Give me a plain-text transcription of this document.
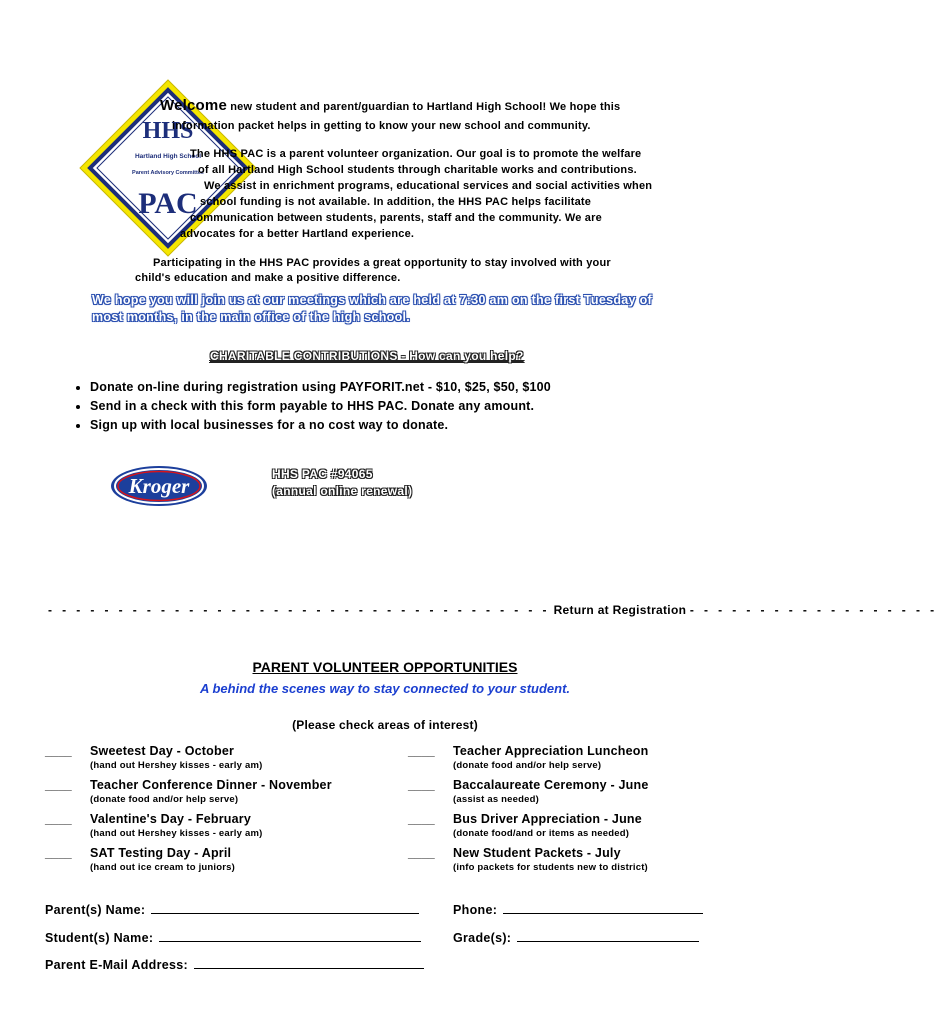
HHS
Hartland High School
Parent Advisory Committee
PAC
Welcome new student and parent/guardian to Hartland High School! We hope this
information packet helps in getting to know your new school and community.
The HHS PAC is a parent volunteer organization. Our goal is to promote the welfare
of all Hartland High School students through charitable works and contributions.
We assist in enrichment programs, educational services and social activities when
school funding is not available. In addition, the HHS PAC helps facilitate
communication between students, parents, staff and the community. We are
advocates for a better Hartland experience.
Participating in the HHS PAC provides a great opportunity to stay involved with your
child's education and make a positive difference.
We hope you will join us at our meetings which are held at 7:30 am on the first Tuesday of
most months, in the main office of the high school.
CHARITABLE CONTRIBUTIONS - How can you help?
• Donate on-line during registration using PAYFORIT.net - $10, $25, $50, $100
• Send in a check with this form payable to HHS PAC. Donate any amount.
• Sign up with local businesses for a no cost way to donate.
Kroger	HHS PAC #94065
(annual online renewal)
- - - - - - - - - - - - - - - - - - - - - - - - - - - - - - - - - - - - Return at Registration - - - - - - - - - - - - - - - - - -
PARENT VOLUNTEER OPPORTUNITIES
A behind the scenes way to stay connected to your student.
(Please check areas of interest)
____ Sweetest Day - October
(hand out Hershey kisses - early am)
____ Teacher Conference Dinner - November
(donate food and/or help serve)
____ Valentine's Day - February
(hand out Hershey kisses - early am)
____ SAT Testing Day - April
(hand out ice cream to juniors)
____ Teacher Appreciation Luncheon
(donate food and/or help serve)
____ Baccalaureate Ceremony - June
(assist as needed)
____ Bus Driver Appreciation - June
(donate food/and or items as needed)
____ New Student Packets - July
(info packets for students new to district)
Parent(s) Name:	Phone:
Student(s) Name:	Grade(s):
Parent E-Mail Address:
